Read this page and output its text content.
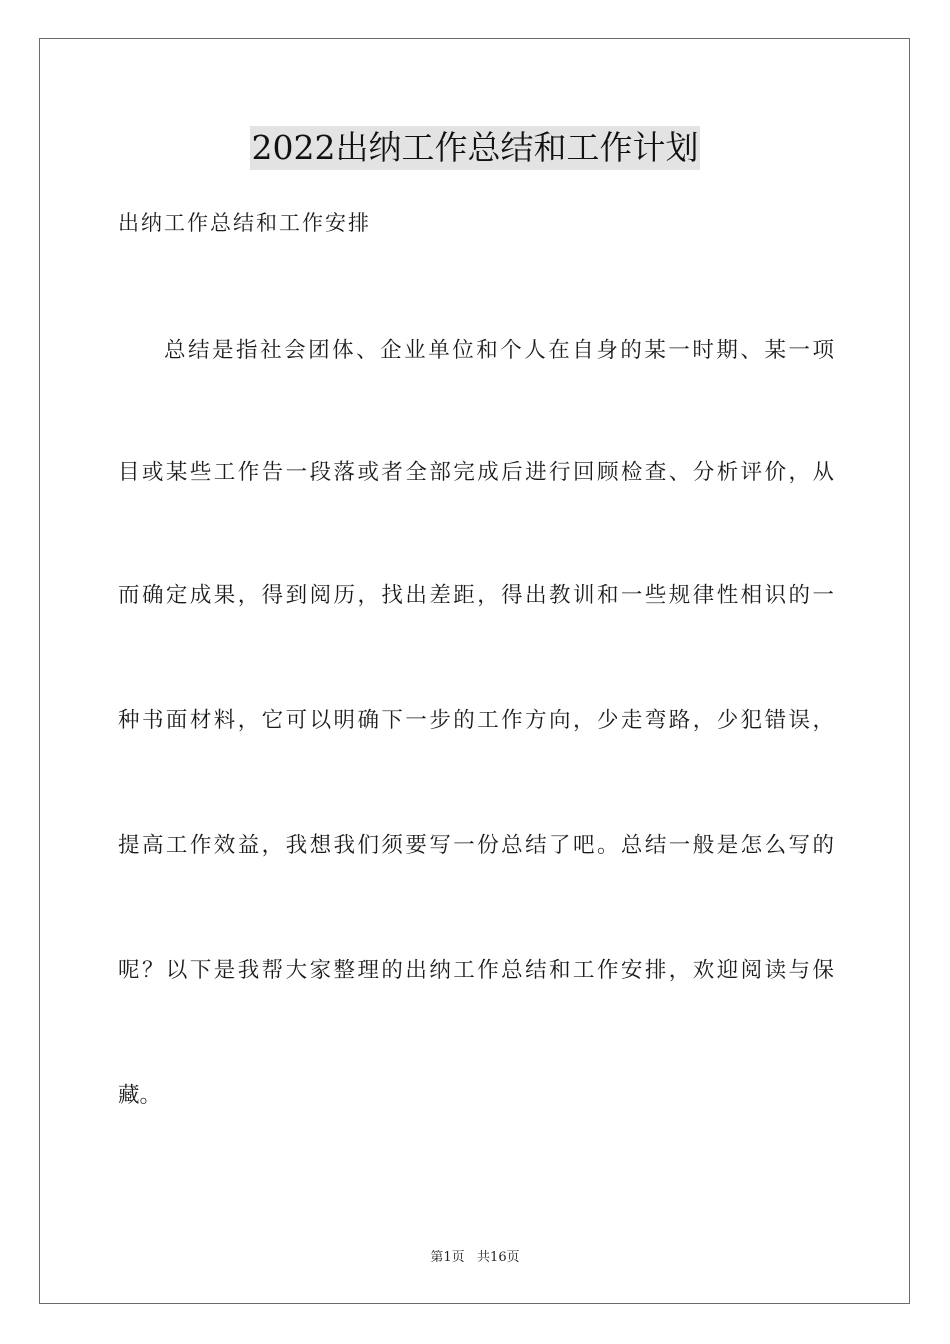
2022出纳工作总结和工作计划
出纳工作总结和工作安排
总结是指社会团体、企业单位和个人在自身的某一时期、某一项
目或某些工作告一段落或者全部完成后进行回顾检查、分析评价，从
而确定成果，得到阅历，找出差距，得出教训和一些规律性相识的一
种书面材料，它可以明确下一步的工作方向，少走弯路，少犯错误，
提高工作效益，我想我们须要写一份总结了吧。总结一般是怎么写的
呢？以下是我帮大家整理的出纳工作总结和工作安排，欢迎阅读与保
藏。
第1页   共16页
